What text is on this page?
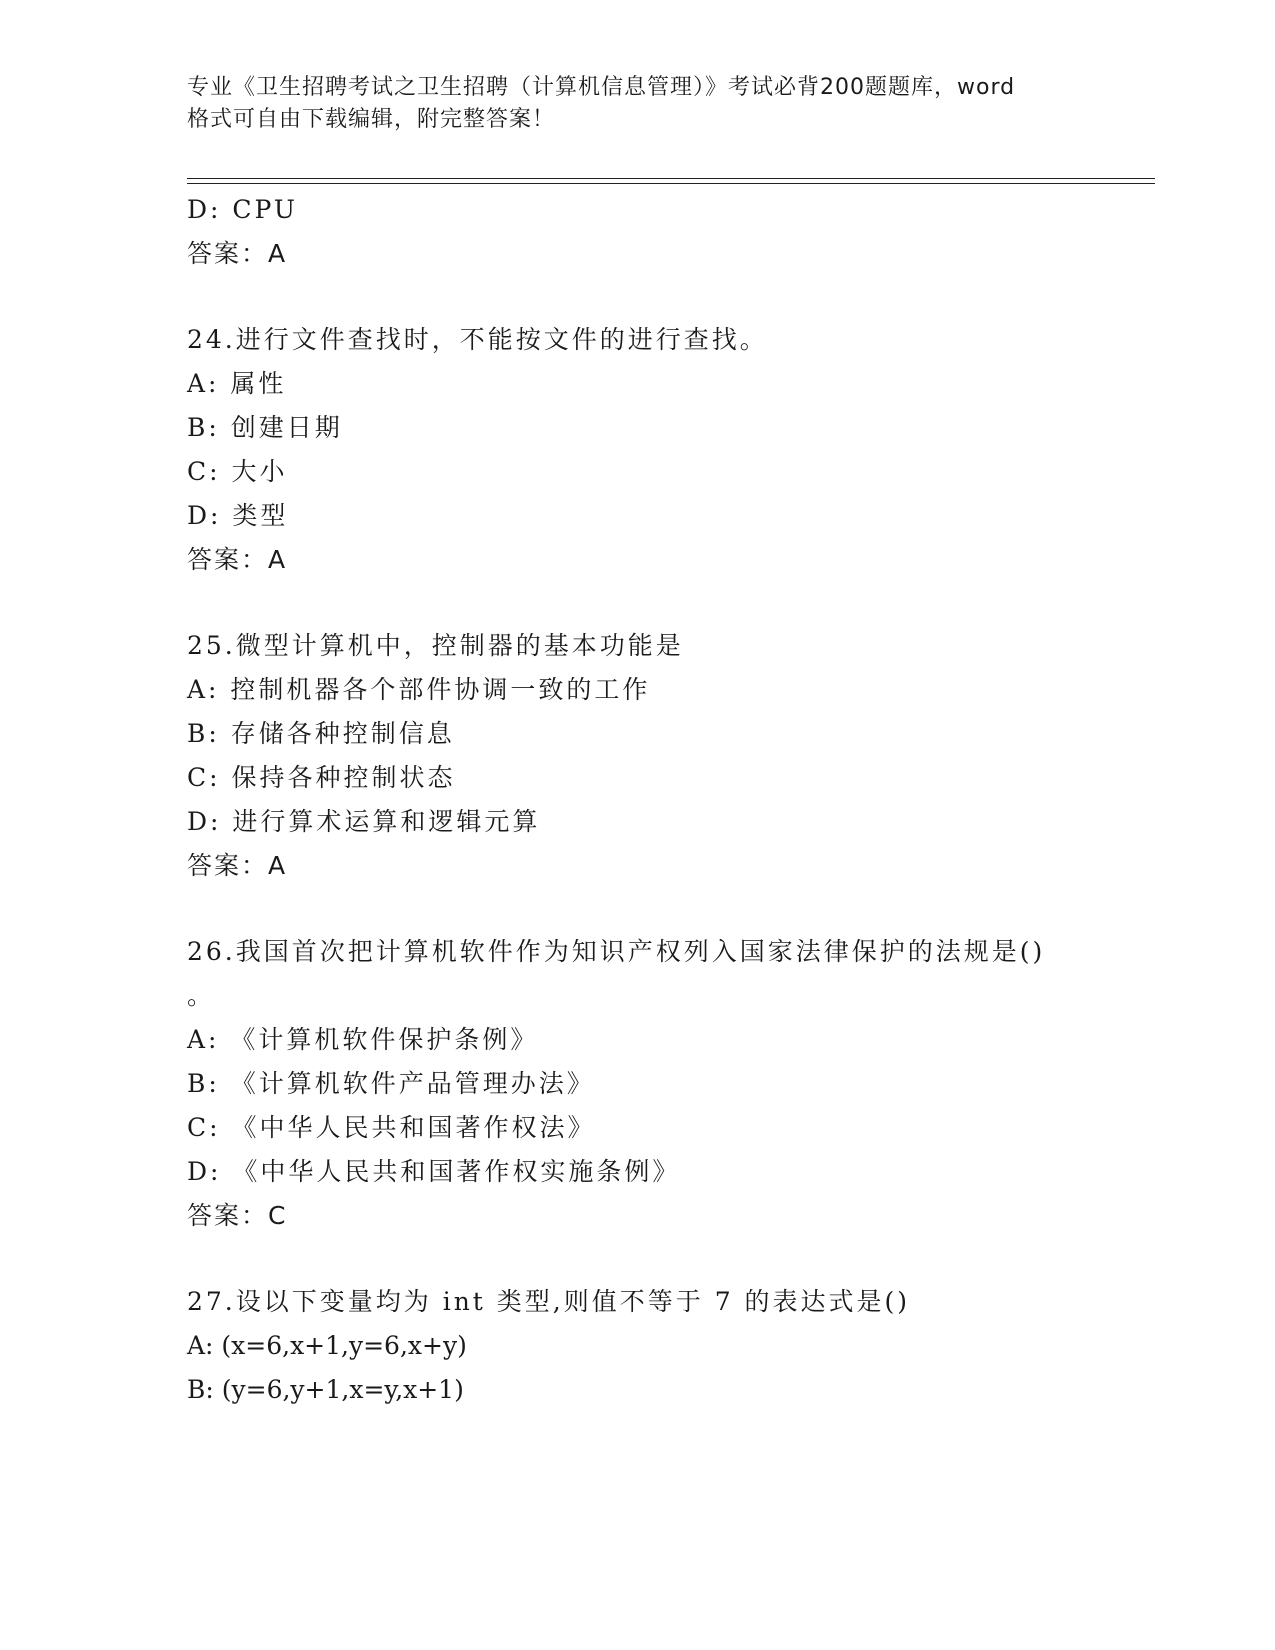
专业《卫生招聘考试之卫生招聘（计算机信息管理）》考试必背200题题库，word
格式可自由下载编辑，附完整答案！
D: CPU
答案：A
24.进行文件查找时，不能按文件的进行查找。
A: 属性
B: 创建日期
C: 大小
D: 类型
答案：A
25.微型计算机中，控制器的基本功能是
A: 控制机器各个部件协调一致的工作
B: 存储各种控制信息
C: 保持各种控制状态
D: 进行算术运算和逻辑元算
答案：A
26.我国首次把计算机软件作为知识产权列入国家法律保护的法规是()
。
A: 《计算机软件保护条例》
B: 《计算机软件产品管理办法》
C: 《中华人民共和国著作权法》
D: 《中华人民共和国著作权实施条例》
答案：C
27.设以下变量均为 int 类型,则值不等于 7 的表达式是()
A: (x=6,x+1,y=6,x+y)
B: (y=6,y+1,x=y,x+1)
